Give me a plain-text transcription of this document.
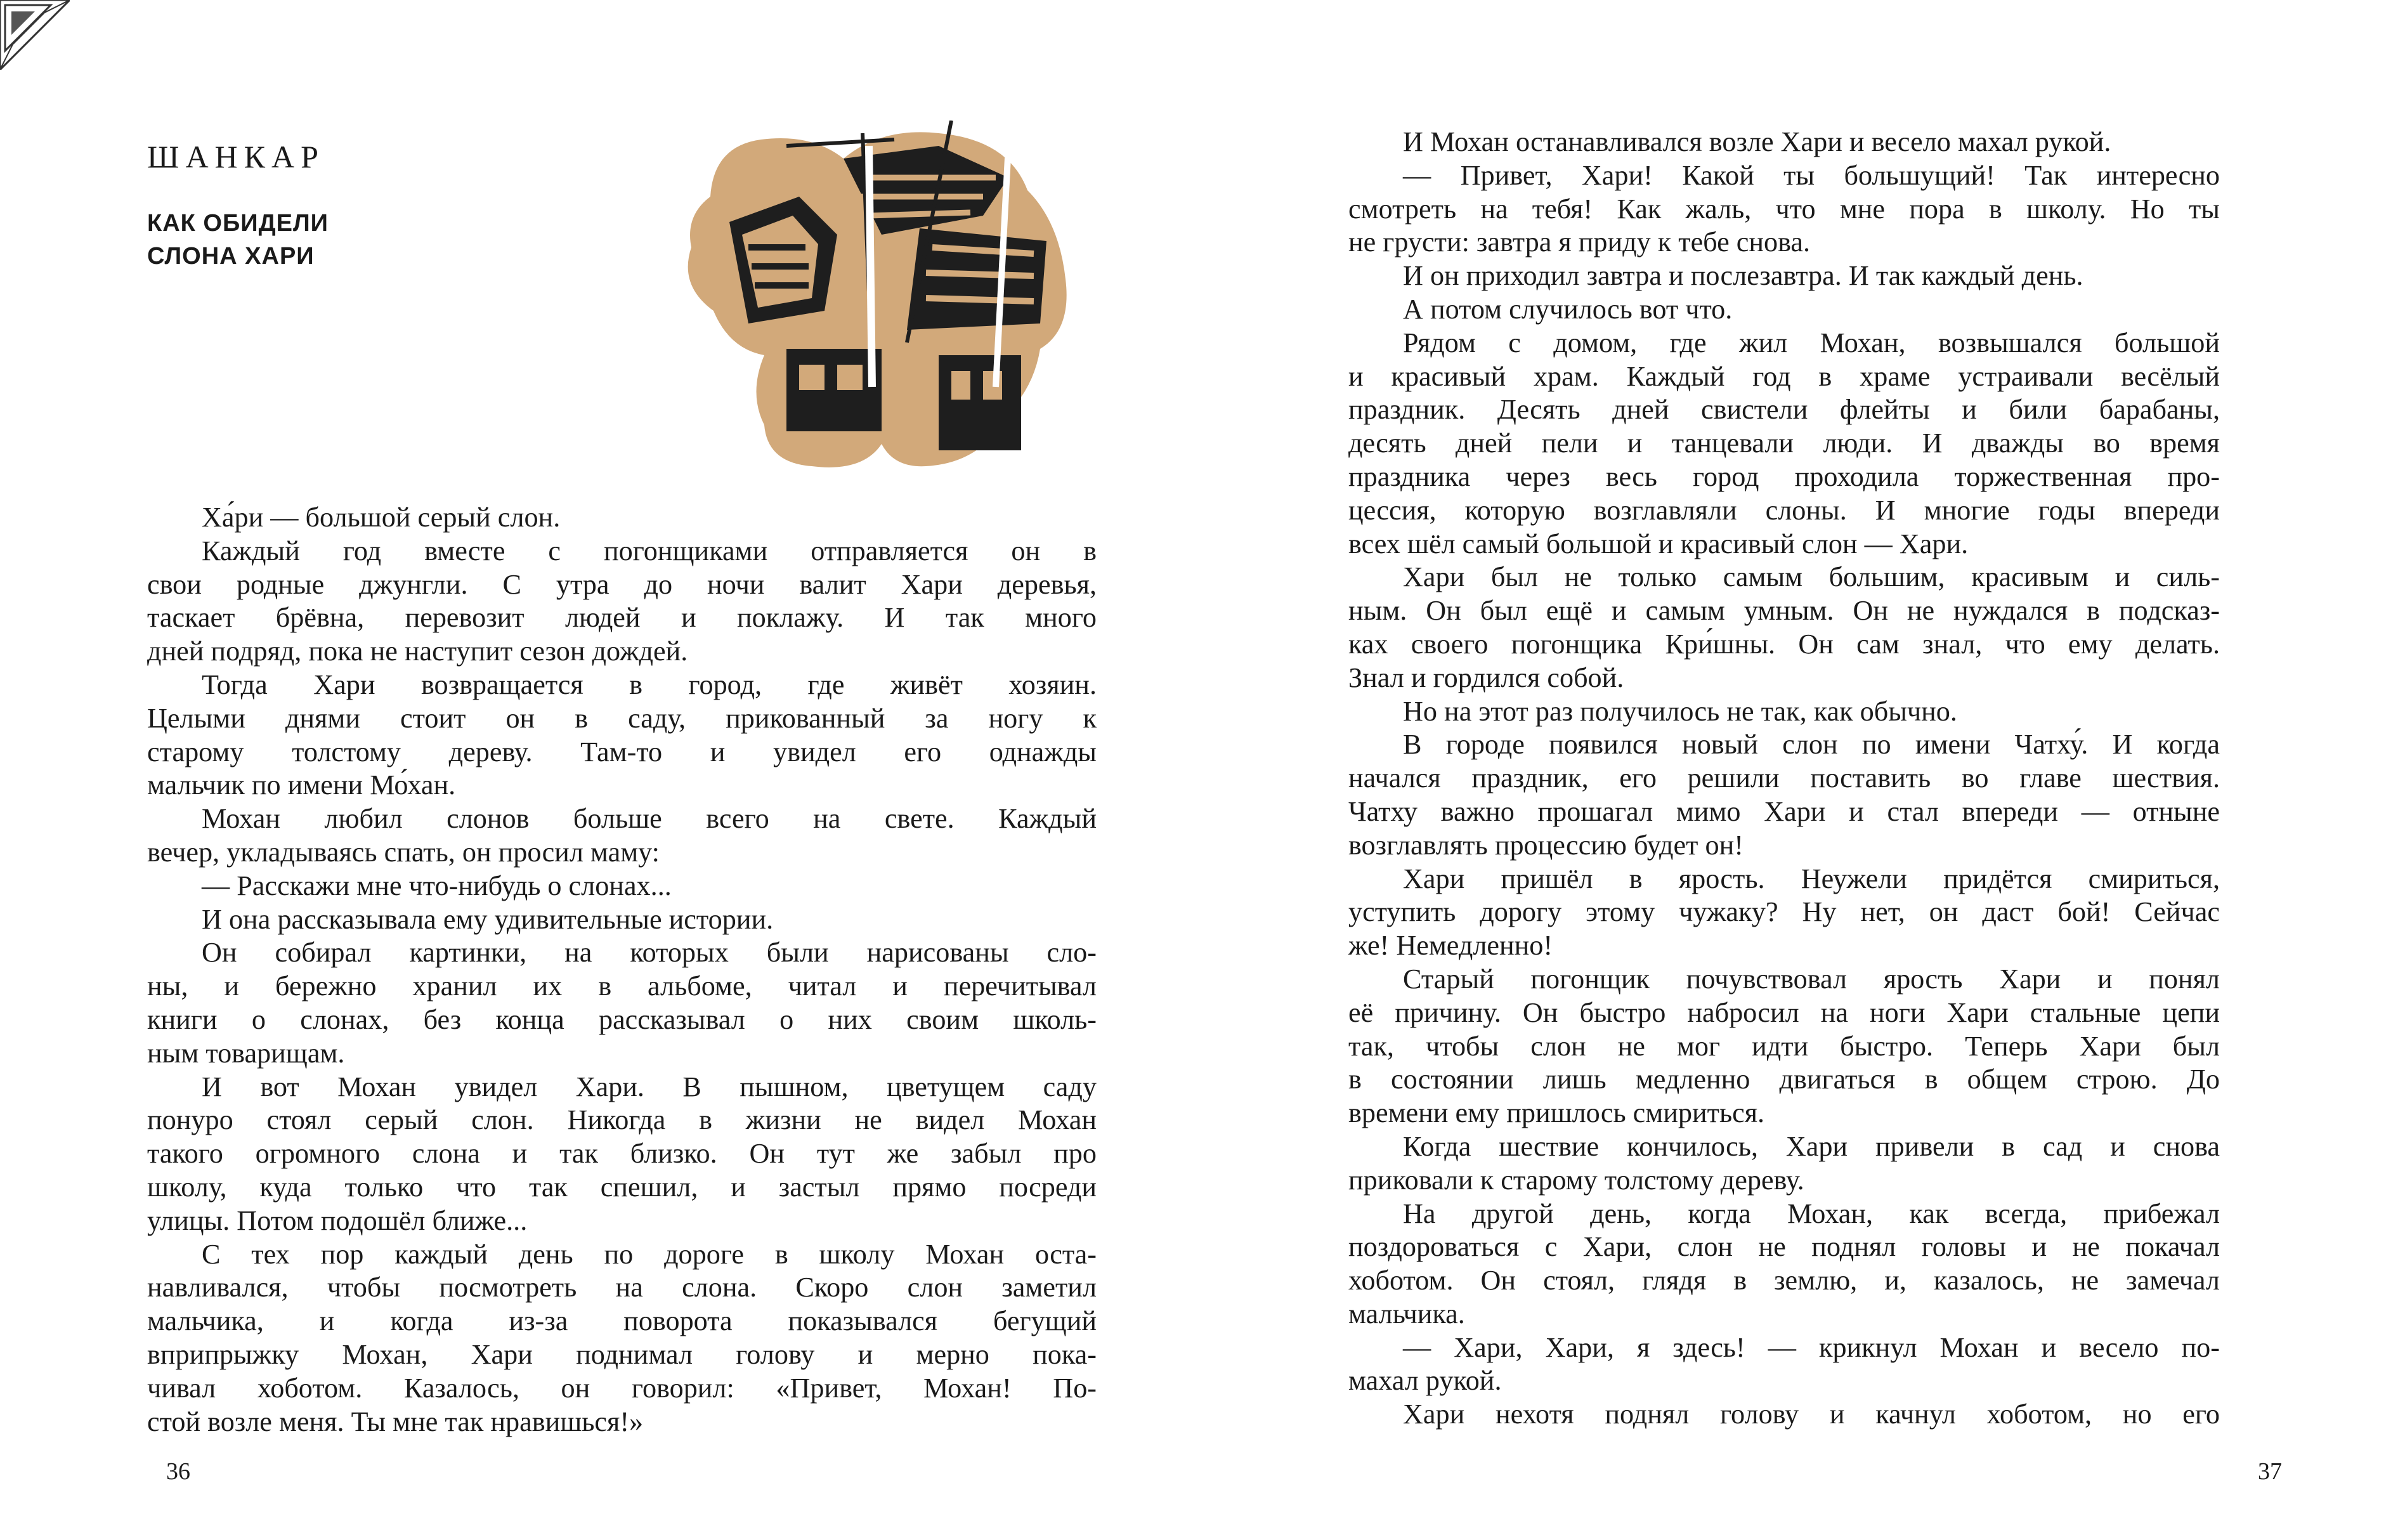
ШАНКАР
КАК ОБИДЕЛИ
СЛОНА ХАРИ

Ха́ри — большой серый слон.

Каждый год вместе с погонщиками отправляется он в

свои родные джунгли. С утра до ночи валит Хари деревья,

таскает брёвна, перевозит людей и поклажу. И так много

дней подряд, пока не наступит сезон дождей.

Тогда Хари возвращается в город, где живёт хозяин.

Целыми днями стоит он в саду, прикованный за ногу к

старому толстому дереву. Там-то и увидел его однажды

мальчик по имени Мо́хан.

Мохан любил слонов больше всего на свете. Каждый

вечер, укладываясь спать, он просил маму:

— Расскажи мне что-нибудь о слонах...

И она рассказывала ему удивительные истории.

Он собирал картинки, на которых были нарисованы сло-

ны, и бережно хранил их в альбоме, читал и перечитывал

книги о слонах, без конца рассказывал о них своим школь-

ным товарищам.

И вот Мохан увидел Хари. В пышном, цветущем саду

понуро стоял серый слон. Никогда в жизни не видел Мохан

такого огромного слона и так близко. Он тут же забыл про

школу, куда только что так спешил, и застыл прямо посреди

улицы. Потом подошёл ближе...

С тех пор каждый день по дороге в школу Мохан оста-

навливался, чтобы посмотреть на слона. Скоро слон заметил

мальчика, и когда из-за поворота показывался бегущий

вприпрыжку Мохан, Хари поднимал голову и мерно пока-

чивал хоботом. Казалось, он говорил: «Привет, Мохан! По-

стой возле меня. Ты мне так нравишься!»

36

И Мохан останавливался возле Хари и весело махал рукой.

— Привет, Хари! Какой ты большущий! Так интересно

смотреть на тебя! Как жаль, что мне пора в школу. Но ты

не грусти: завтра я приду к тебе снова.

И он приходил завтра и послезавтра. И так каждый день.

А потом случилось вот что.

Рядом с домом, где жил Мохан, возвышался большой

и красивый храм. Каждый год в храме устраивали весёлый

праздник. Десять дней свистели флейты и били барабаны,

десять дней пели и танцевали люди. И дважды во время

праздника через весь город проходила торжественная про-

цессия, которую возглавляли слоны. И многие годы впереди

всех шёл самый большой и красивый слон — Хари.

Хари был не только самым большим, красивым и силь-

ным. Он был ещё и самым умным. Он не нуждался в подсказ-

ках своего погонщика Кри́шны. Он сам знал, что ему делать.

Знал и гордился собой.

Но на этот раз получилось не так, как обычно.

В городе появился новый слон по имени Чатху́. И когда

начался праздник, его решили поставить во главе шествия.

Чатху важно прошагал мимо Хари и стал впереди — отныне

возглавлять процессию будет он!

Хари пришёл в ярость. Неужели придётся смириться,

уступить дорогу этому чужаку? Ну нет, он даст бой! Сейчас

же! Немедленно!

Старый погонщик почувствовал ярость Хари и понял

её причину. Он быстро набросил на ноги Хари стальные цепи

так, чтобы слон не мог идти быстро. Теперь Хари был

в состоянии лишь медленно двигаться в общем строю. До

времени ему пришлось смириться.

Когда шествие кончилось, Хари привели в сад и снова

приковали к старому толстому дереву.

На другой день, когда Мохан, как всегда, прибежал

поздороваться с Хари, слон не поднял головы и не покачал

хоботом. Он стоял, глядя в землю, и, казалось, не замечал

мальчика.

— Хари, Хари, я здесь! — крикнул Мохан и весело по-

махал рукой.

Хари нехотя поднял голову и качнул хоботом, но его

37
